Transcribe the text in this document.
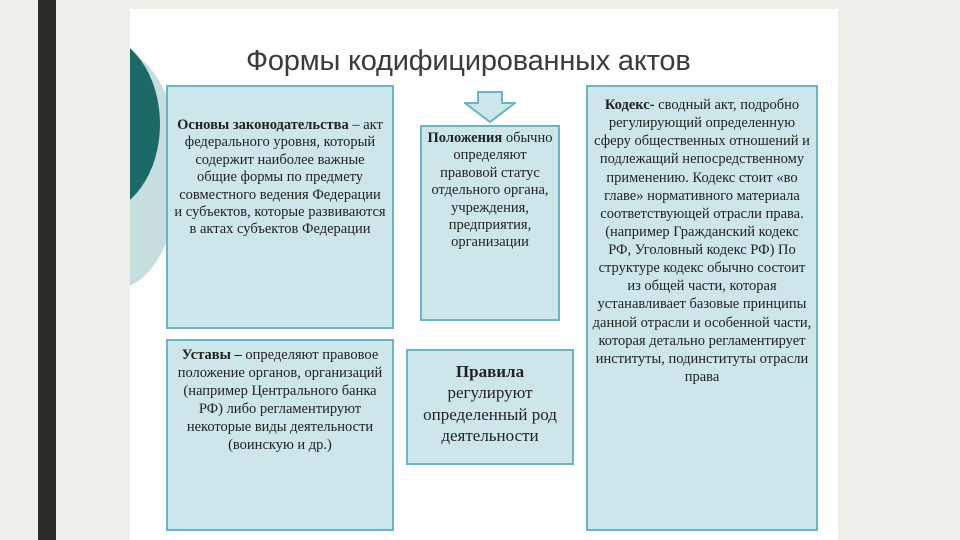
Формы кодифицированных актов
Основы законодательства – акт федерального уровня, который содержит наиболее важные общие формы по предмету совместного ведения Федерации и субъектов, которые развиваются в актах субъектов Федерации
Положения обычно определяют правовой статус отдельного органа, учреждения, предприятия, организации
Кодекс- сводный акт, подробно регулирующий определенную сферу общественных отношений и подлежащий непосредственному применению. Кодекс стоит «во главе» нормативного материала соответствующей отрасли права. (например Гражданский кодекс РФ, Уголовный кодекс РФ) По структуре кодекс обычно состоит из общей части, которая устанавливает базовые принципы данной отрасли и особенной части, которая детально регламентирует институты, подинституты отрасли права
Уставы – определяют правовое положение органов, организаций (например Центрального банка РФ) либо регламентируют некоторые виды деятельности (воинскую и др.)
Правила
регулируют определенный род деятельности
